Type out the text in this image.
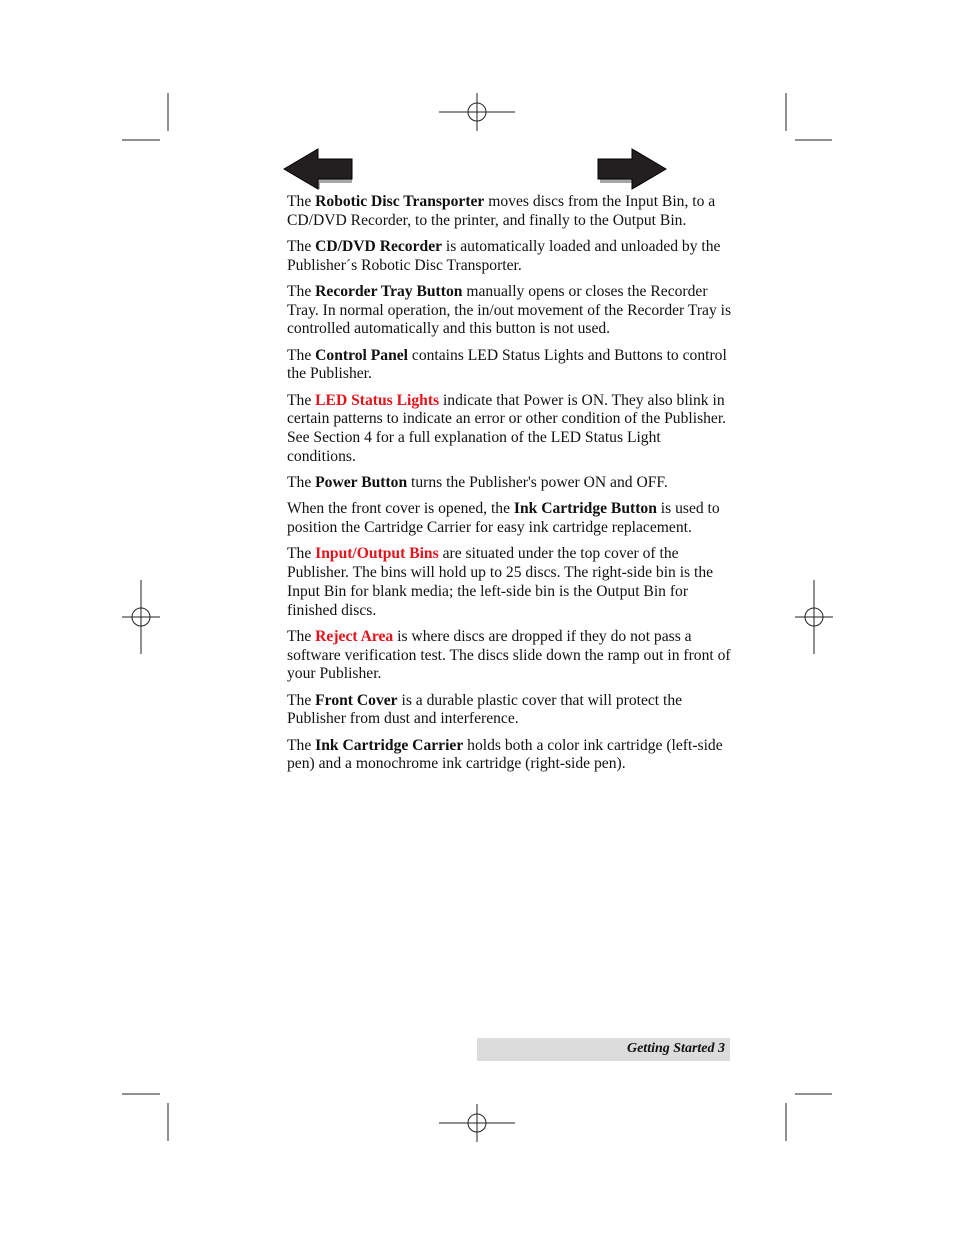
The Robotic Disc Transporter moves discs from the Input Bin, to a CD/DVD Recorder, to the printer, and finally to the Output Bin.

The CD/DVD Recorder is automatically loaded and unloaded by the Publisher´s Robotic Disc Transporter.

The Recorder Tray Button manually opens or closes the Recorder Tray. In normal operation, the in/out movement of the Recorder Tray is controlled automatically and this button is not used.

The Control Panel contains LED Status Lights and Buttons to control the Publisher.

The LED Status Lights indicate that Power is ON. They also blink in certain patterns to indicate an error or other condition of the Publisher. See Section 4 for a full explanation of the LED Status Light conditions.

The Power Button turns the Publisher's power ON and OFF.

When the front cover is opened, the Ink Cartridge Button is used to position the Cartridge Carrier for easy ink cartridge replacement.

The Input/Output Bins are situated under the top cover of the Publisher. The bins will hold up to 25 discs. The right-side bin is the Input Bin for blank media; the left-side bin is the Output Bin for finished discs.

The Reject Area is where discs are dropped if they do not pass a software verification test. The discs slide down the ramp out in front of your Publisher.

The Front Cover is a durable plastic cover that will protect the Publisher from dust and interference.

The Ink Cartridge Carrier holds both a color ink cartridge (left-side pen) and a monochrome ink cartridge (right-side pen).

Getting Started 3
